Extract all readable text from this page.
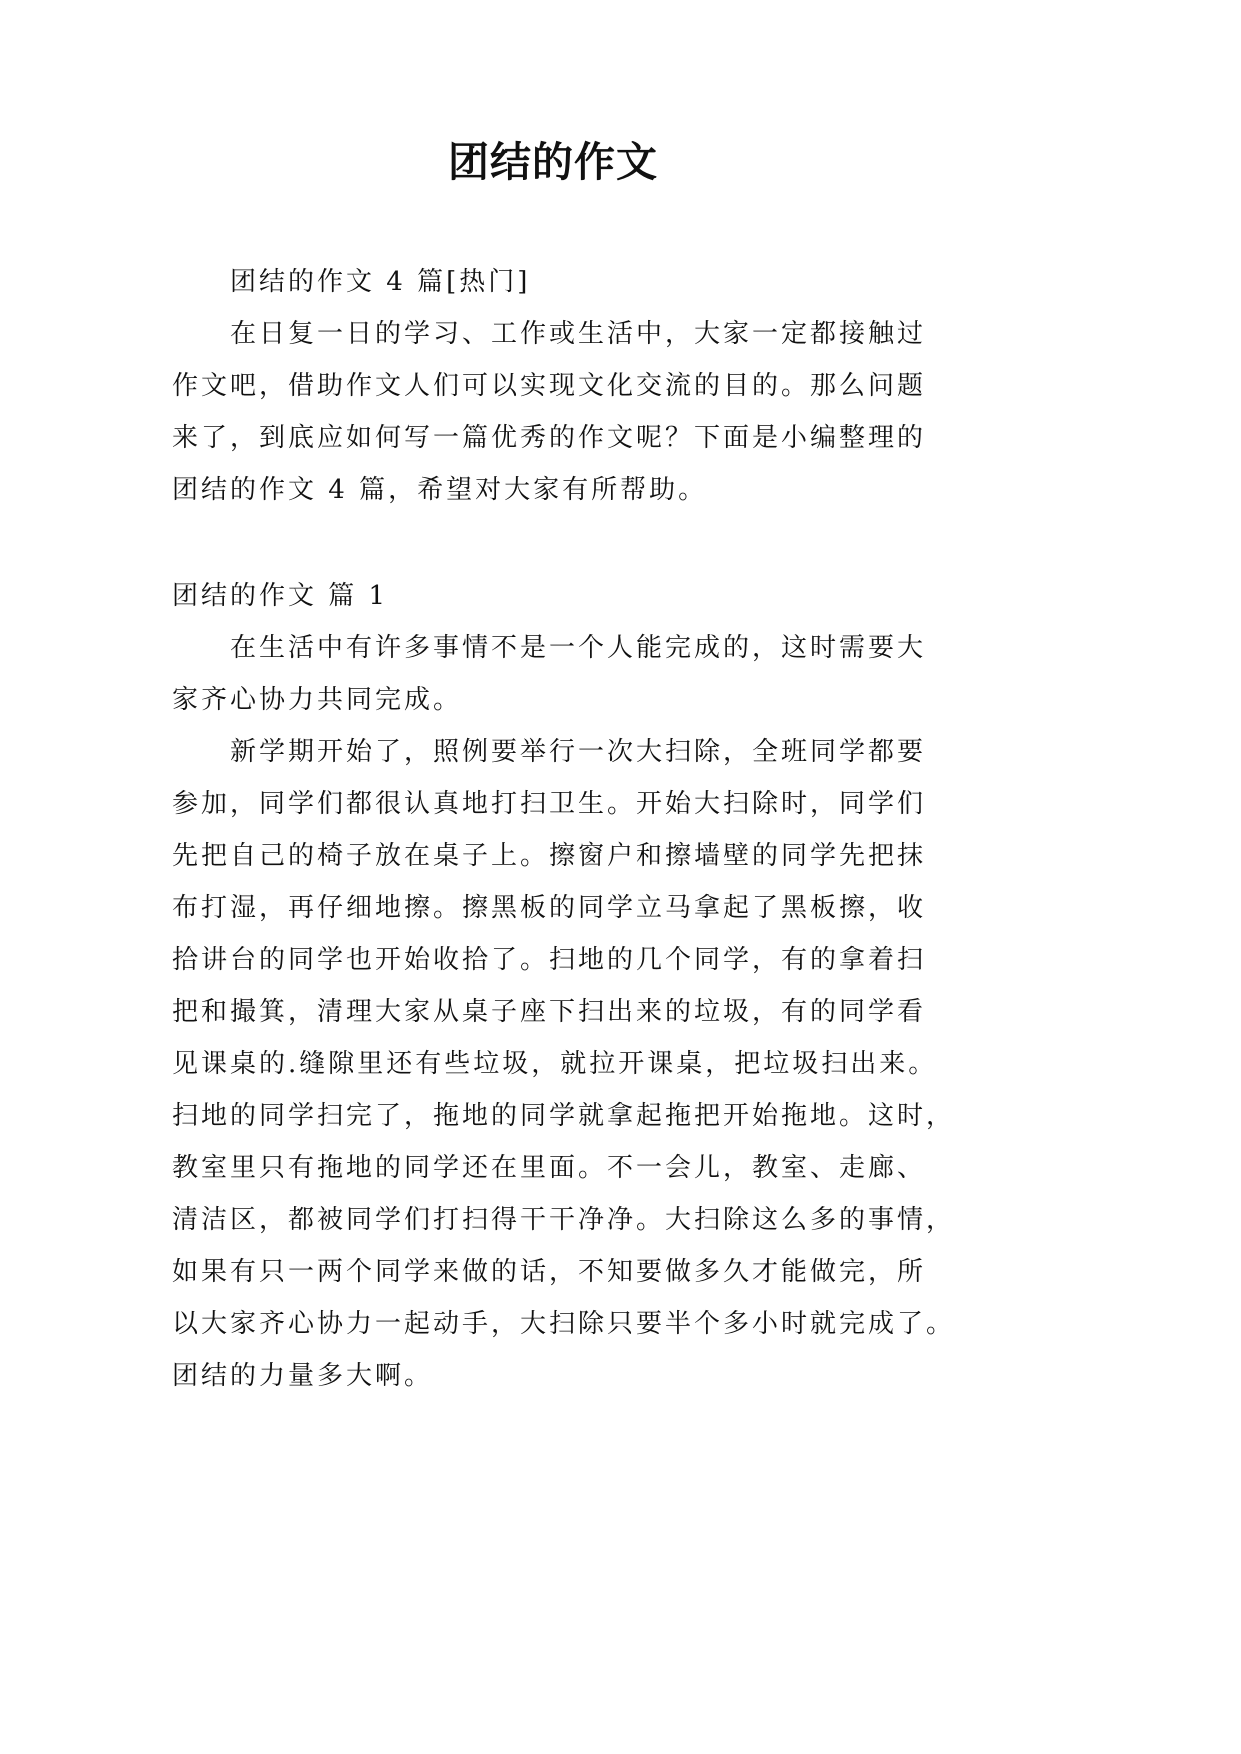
团结的作文

团结的作文 4 篇[热门]

在日复一日的学习、工作或生活中，大家一定都接触过

作文吧，借助作文人们可以实现文化交流的目的。那么问题

来了，到底应如何写一篇优秀的作文呢？下面是小编整理的

团结的作文 4 篇，希望对大家有所帮助。

团结的作文 篇 1

在生活中有许多事情不是一个人能完成的，这时需要大

家齐心协力共同完成。

新学期开始了，照例要举行一次大扫除，全班同学都要

参加，同学们都很认真地打扫卫生。开始大扫除时，同学们

先把自己的椅子放在桌子上。擦窗户和擦墙壁的同学先把抹

布打湿，再仔细地擦。擦黑板的同学立马拿起了黑板擦，收

拾讲台的同学也开始收拾了。扫地的几个同学，有的拿着扫

把和撮箕，清理大家从桌子座下扫出来的垃圾，有的同学看

见课桌的.缝隙里还有些垃圾，就拉开课桌，把垃圾扫出来。

扫地的同学扫完了，拖地的同学就拿起拖把开始拖地。这时，

教室里只有拖地的同学还在里面。不一会儿，教室、走廊、

清洁区，都被同学们打扫得干干净净。大扫除这么多的事情，

如果有只一两个同学来做的话，不知要做多久才能做完，所

以大家齐心协力一起动手，大扫除只要半个多小时就完成了。

团结的力量多大啊。
